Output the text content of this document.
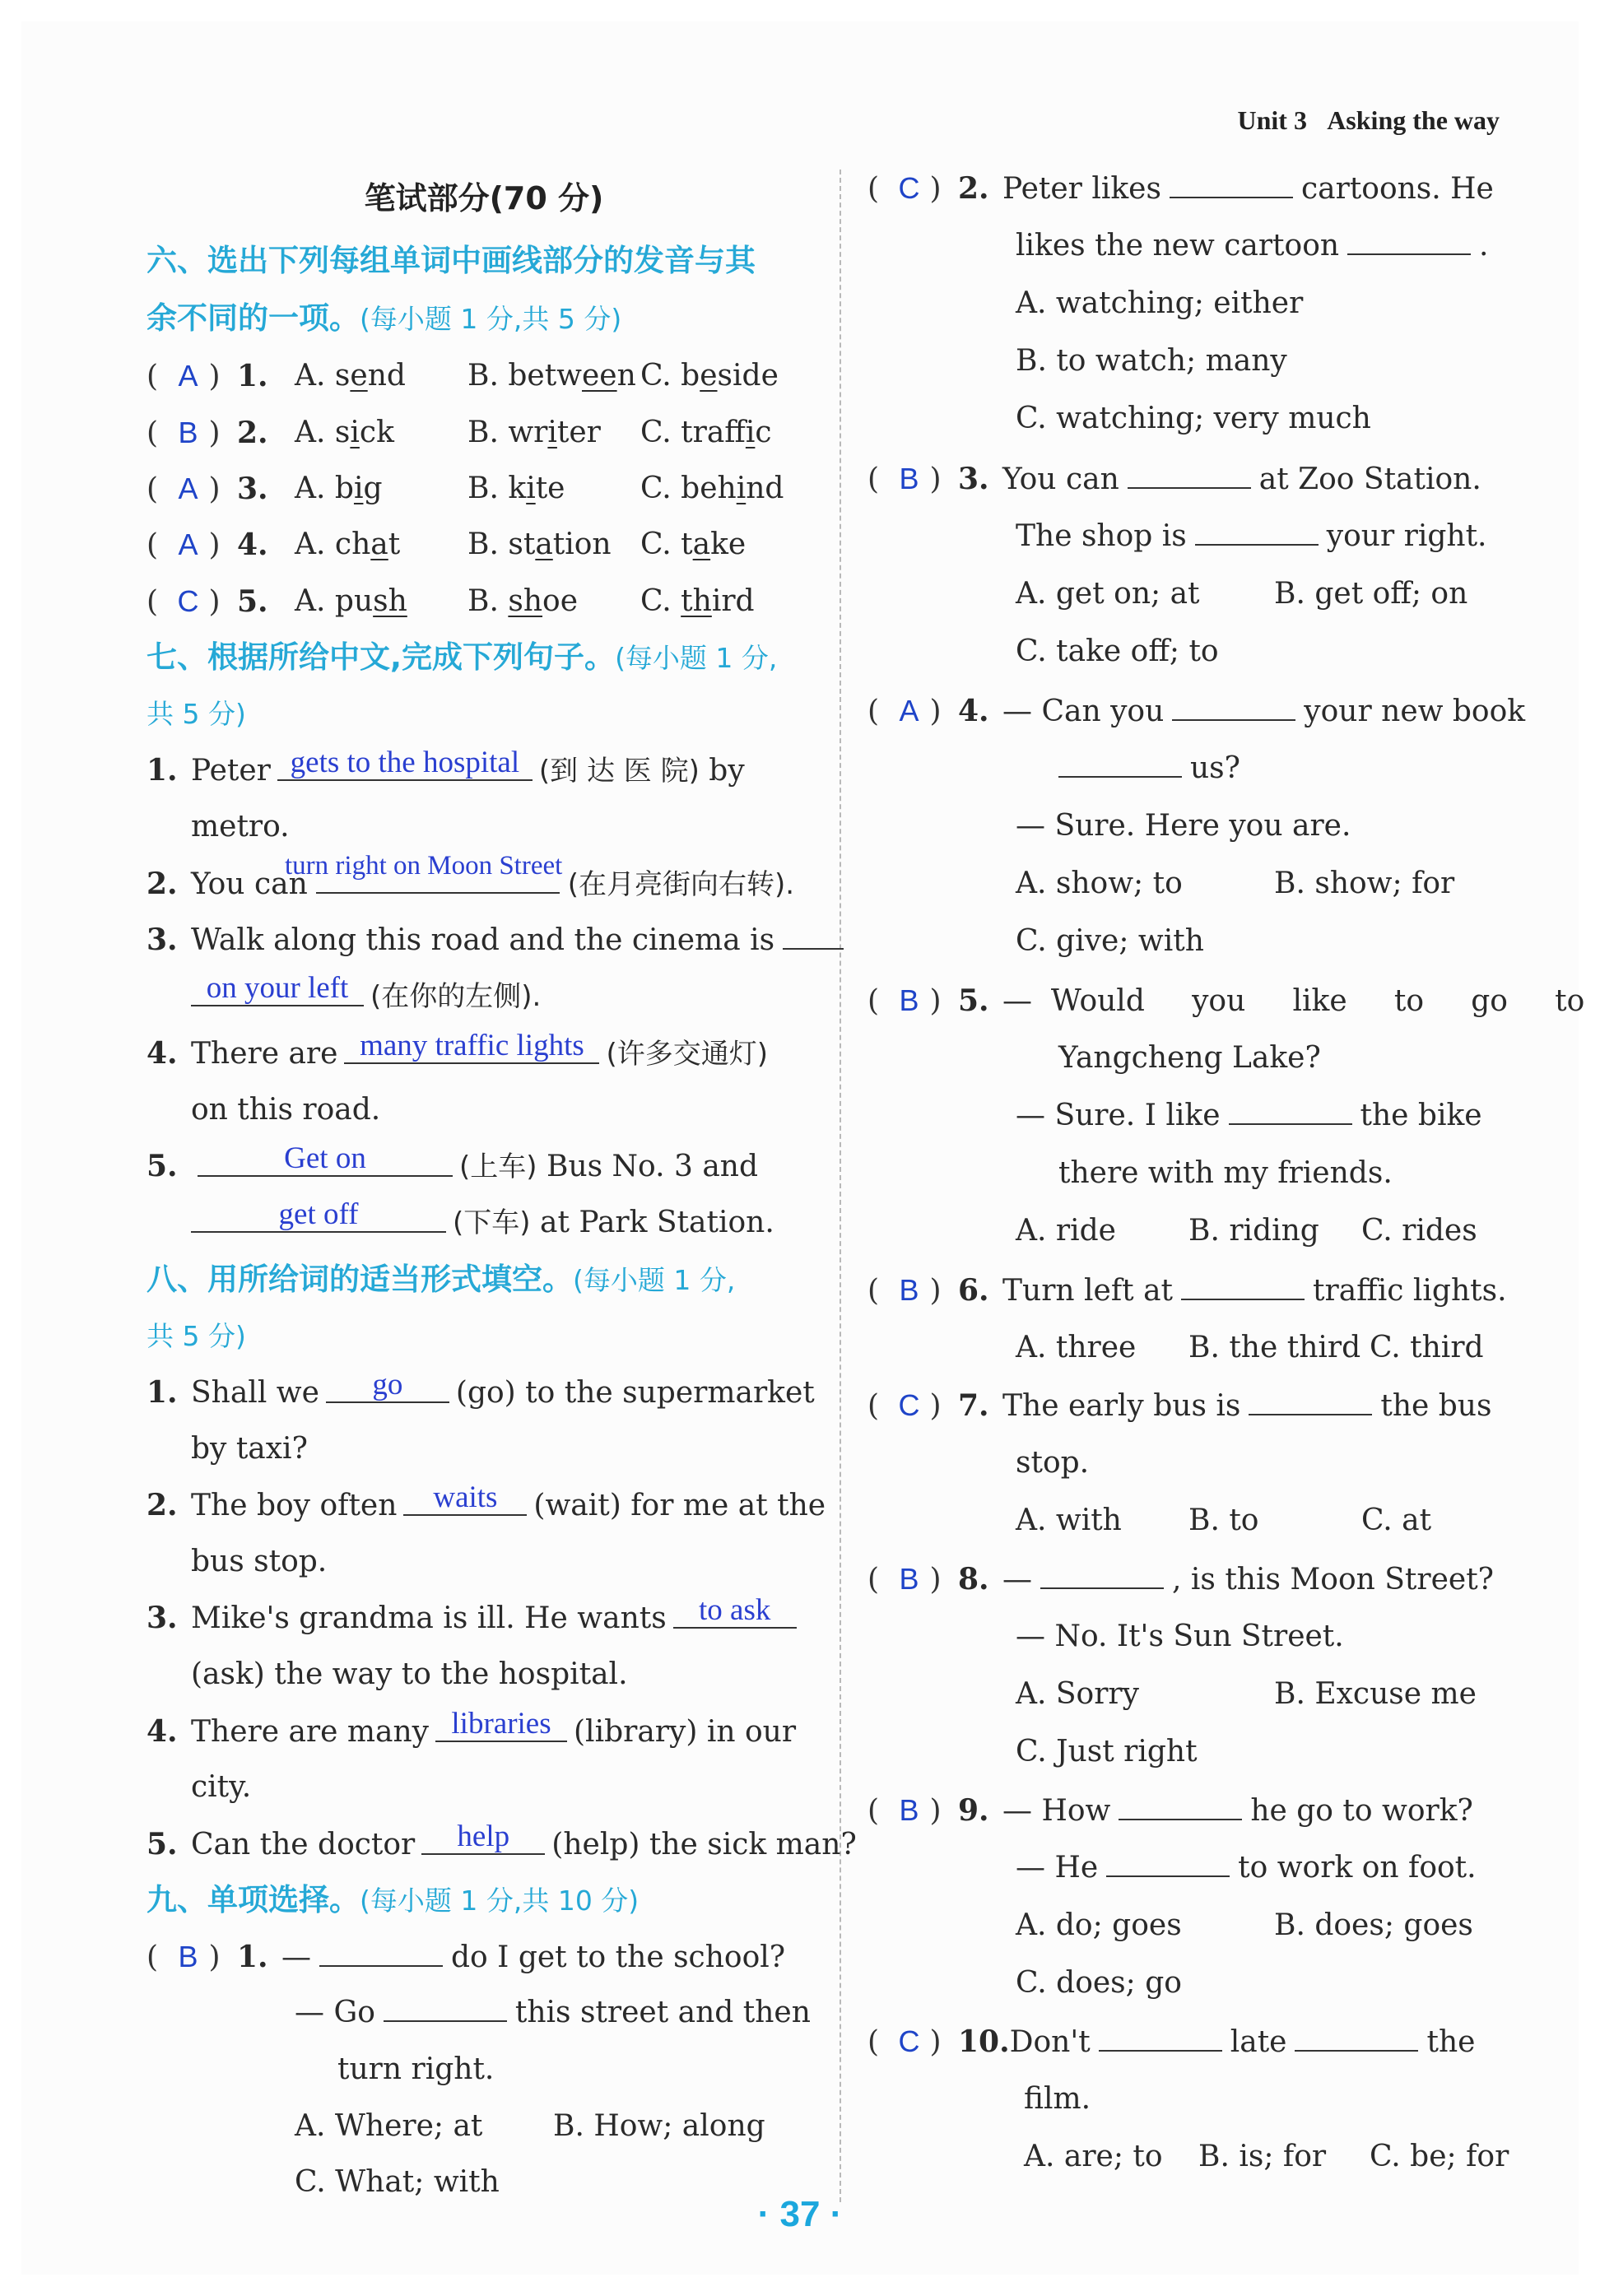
Unit 3 Asking the way
笔试部分(70 分)
六、选出下列每组单词中画线部分的发音与其
余不同的一项。(每小题 1 分,共 5 分)
( A ) 1. A. send B. between C. beside
( B ) 2. A. sick B. writer C. traffic
( A ) 3. A. big	B. kite	C. behind
( A ) 4. A. chat B. station C. take
( C ) 5. A. push B. shoe C. third
七、根据所给中文,完成下列句子。(每小题 1 分,
共 5 分)
1. Peter gets to the hospital (到 达 医 院) by
metro.
2. You can	(在月亮街向右转).
turn right on Moon Street
3. Walk along this road and the cinema is
on your left (在你的左侧).
4. There are many traffic lights (许多交通灯)
on this road.
5.	Get on	(上车) Bus No. 3 and
get off	(下车) at Park Station.
八、用所给词的适当形式填空。(每小题 1 分,
共 5 分)
1. Shall we go (go) to the supermarket
by taxi?
2. The boy often waits (wait) for me at the
bus stop.
3. Mike's grandma is ill. He wants to ask
(ask) the way to the hospital.
4. There are many libraries (library) in our
city.
5. Can the doctor help (help) the sick man?
九、单项选择。(每小题 1 分,共 10 分)
( B ) 1. —	do I get to the school?
— Go	this street and then
turn right.
A. Where; at B. How; along
C. What; with
( C ) 2. Peter likes	cartoons. He
likes the new cartoon	.
A. watching; either
B. to watch; many
C. watching; very much
( B ) 3. You can	at Zoo Station.
The shop is	your right.
A. get on; at	B. get off; on
C. take off; to
( A ) 4. — Can you	your new book
us?
— Sure. Here you are.
A. show; to	B. show; for
C. give; with
( B ) 5. —  Would     you     like     to     go     to
Yangcheng Lake?
— Sure. I like	the bike
there with my friends.
A. ride B. riding C. rides
( B ) 6. Turn left at	traffic lights.
A. three B. the third C. third
( C ) 7. The early bus is	the bus
stop.
A. with B. to	C. at
( B ) 8. —	, is this Moon Street?
— No. It's Sun Street.
A. Sorry	B. Excuse me
C. Just right
( B ) 9. — How	he go to work?
— He	to work on foot.
A. do; goes	B. does; goes
C. does; go
( C ) 10.Don't	late	the
film.
A. are; to B. is; for C. be; for
· 37 ·
